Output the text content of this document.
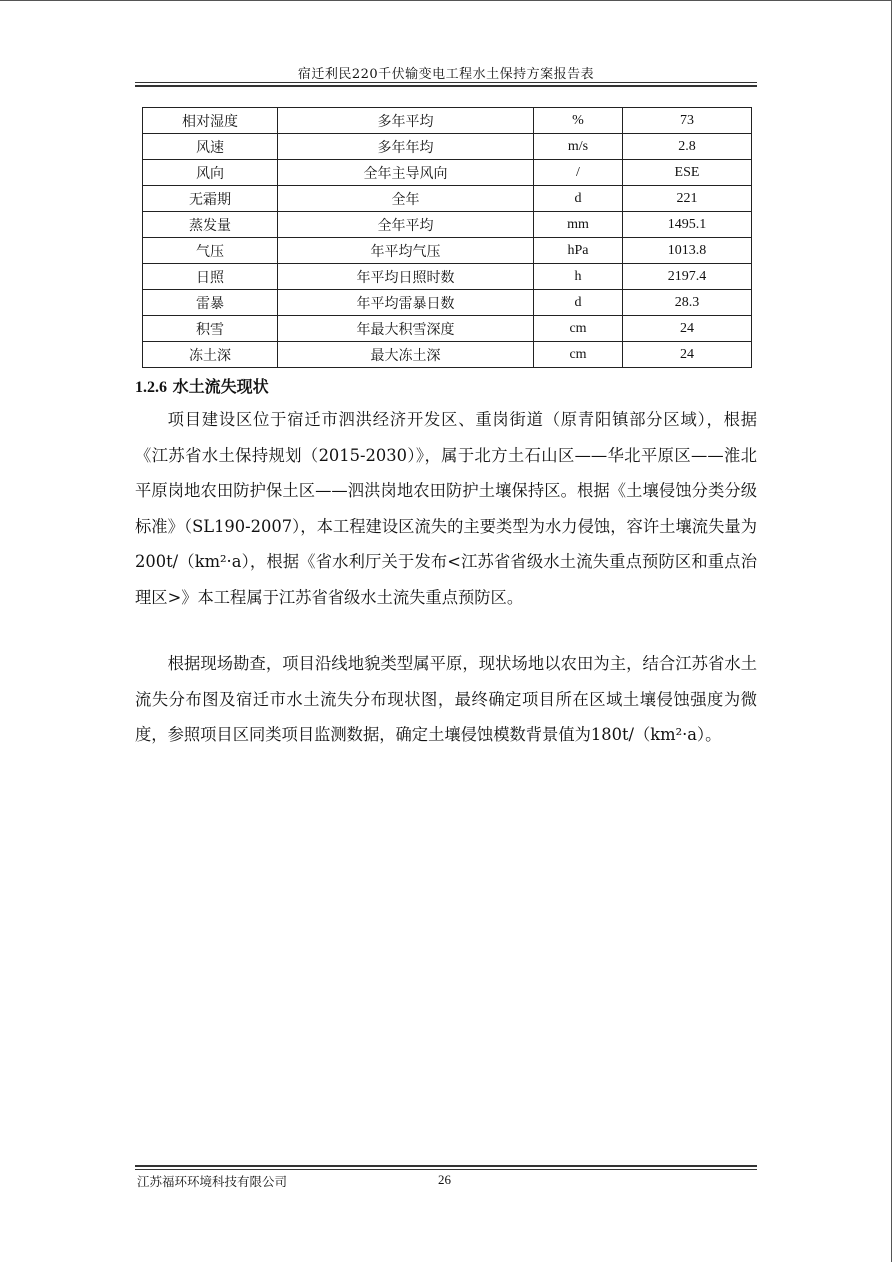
宿迁利民220千伏输变电工程水土保持方案报告表
相对湿度	多年平均	%	73
风速	多年年均	m/s	2.8
风向	全年主导风向	/	ESE
无霜期	全年	d	221
蒸发量	全年平均	mm	1495.1
气压	年平均气压	hPa	1013.8
日照	年平均日照时数	h	2197.4
雷暴	年平均雷暴日数	d	28.3
积雪	年最大积雪深度	cm	24
冻土深	最大冻土深	cm	24
1.2.6 水土流失现状

项目建设区位于宿迁市泗洪经济开发区、重岗街道（原青阳镇部分区域），根据《江苏省水土保持规划（2015-2030）》，属于北方土石山区——华北平原区——淮北平原岗地农田防护保土区——泗洪岗地农田防护土壤保持区。根据《土壤侵蚀分类分级标准》（SL190-2007），本工程建设区流失的主要类型为水力侵蚀，容许土壤流失量为200t/（km²·a），根据《省水利厅关于发布<江苏省省级水土流失重点预防区和重点治理区>》本工程属于江苏省省级水土流失重点预防区。

根据现场勘查，项目沿线地貌类型属平原，现状场地以农田为主，结合江苏省水土流失分布图及宿迁市水土流失分布现状图，最终确定项目所在区域土壤侵蚀强度为微度，参照项目区同类项目监测数据，确定土壤侵蚀模数背景值为180t/（km²·a）。

江苏福环环境科技有限公司	26
